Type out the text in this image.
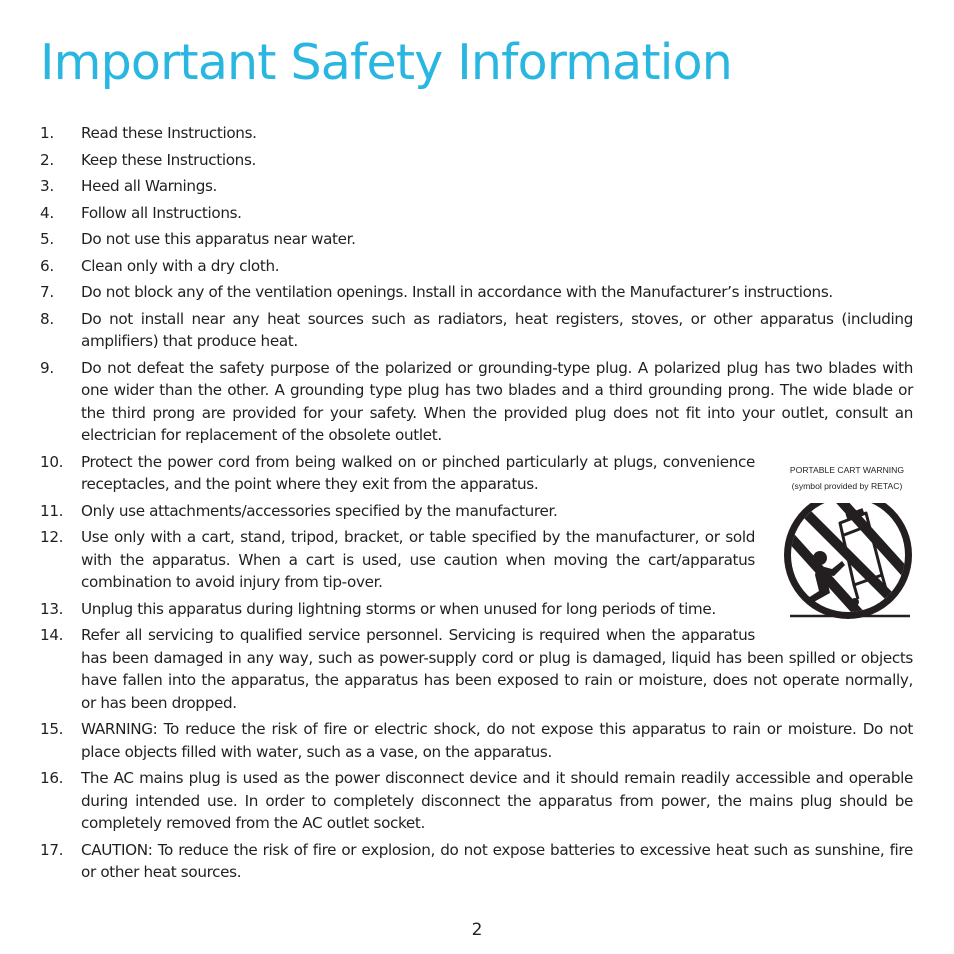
Important Safety Information
1. Read these Instructions.
2. Keep these Instructions.
3. Heed all Warnings.
4. Follow all Instructions.
5. Do not use this apparatus near water.
6. Clean only with a dry cloth.
7. Do not block any of the ventilation openings. Install in accordance with the Manufacturer’s instructions.
8. Do not install near any heat sources such as radiators, heat registers, stoves, or other apparatus (including amplifiers) that produce heat.
9. Do not defeat the safety purpose of the polarized or grounding-type plug. A polarized plug has two blades with one wider than the other. A grounding type plug has two blades and a third grounding prong. The wide blade or the third prong are provided for your safety. When the provided plug does not fit into your outlet, consult an electrician for replacement of the obsolete outlet.
10. Protect the power cord from being walked on or pinched particularly at plugs, convenience receptacles, and the point where they exit from the apparatus.
11. Only use attachments/accessories specified by the manufacturer.
12. Use only with a cart, stand, tripod, bracket, or table specified by the manufacturer, or sold with the apparatus. When a cart is used, use caution when moving the cart/apparatus combination to avoid injury from tip-over.
13. Unplug this apparatus during lightning storms or when unused for long periods of time.
14. Refer all servicing to qualified service personnel. Servicing is required when the apparatus has been damaged in any way, such as power-supply cord or plug is damaged, liquid has been spilled or objects have fallen into the apparatus, the apparatus has been exposed to rain or moisture, does not operate normally, or has been dropped.
15. WARNING: To reduce the risk of fire or electric shock, do not expose this apparatus to rain or moisture. Do not place objects filled with water, such as a vase, on the apparatus.
16. The AC mains plug is used as the power disconnect device and it should remain readily accessible and operable during intended use. In order to completely disconnect the apparatus from power, the mains plug should be completely removed from the AC outlet socket.
17. CAUTION: To reduce the risk of fire or explosion, do not expose batteries to excessive heat such as sunshine, fire or other heat sources.
PORTABLE CART WARNING
(symbol provided by RETAC)
2
